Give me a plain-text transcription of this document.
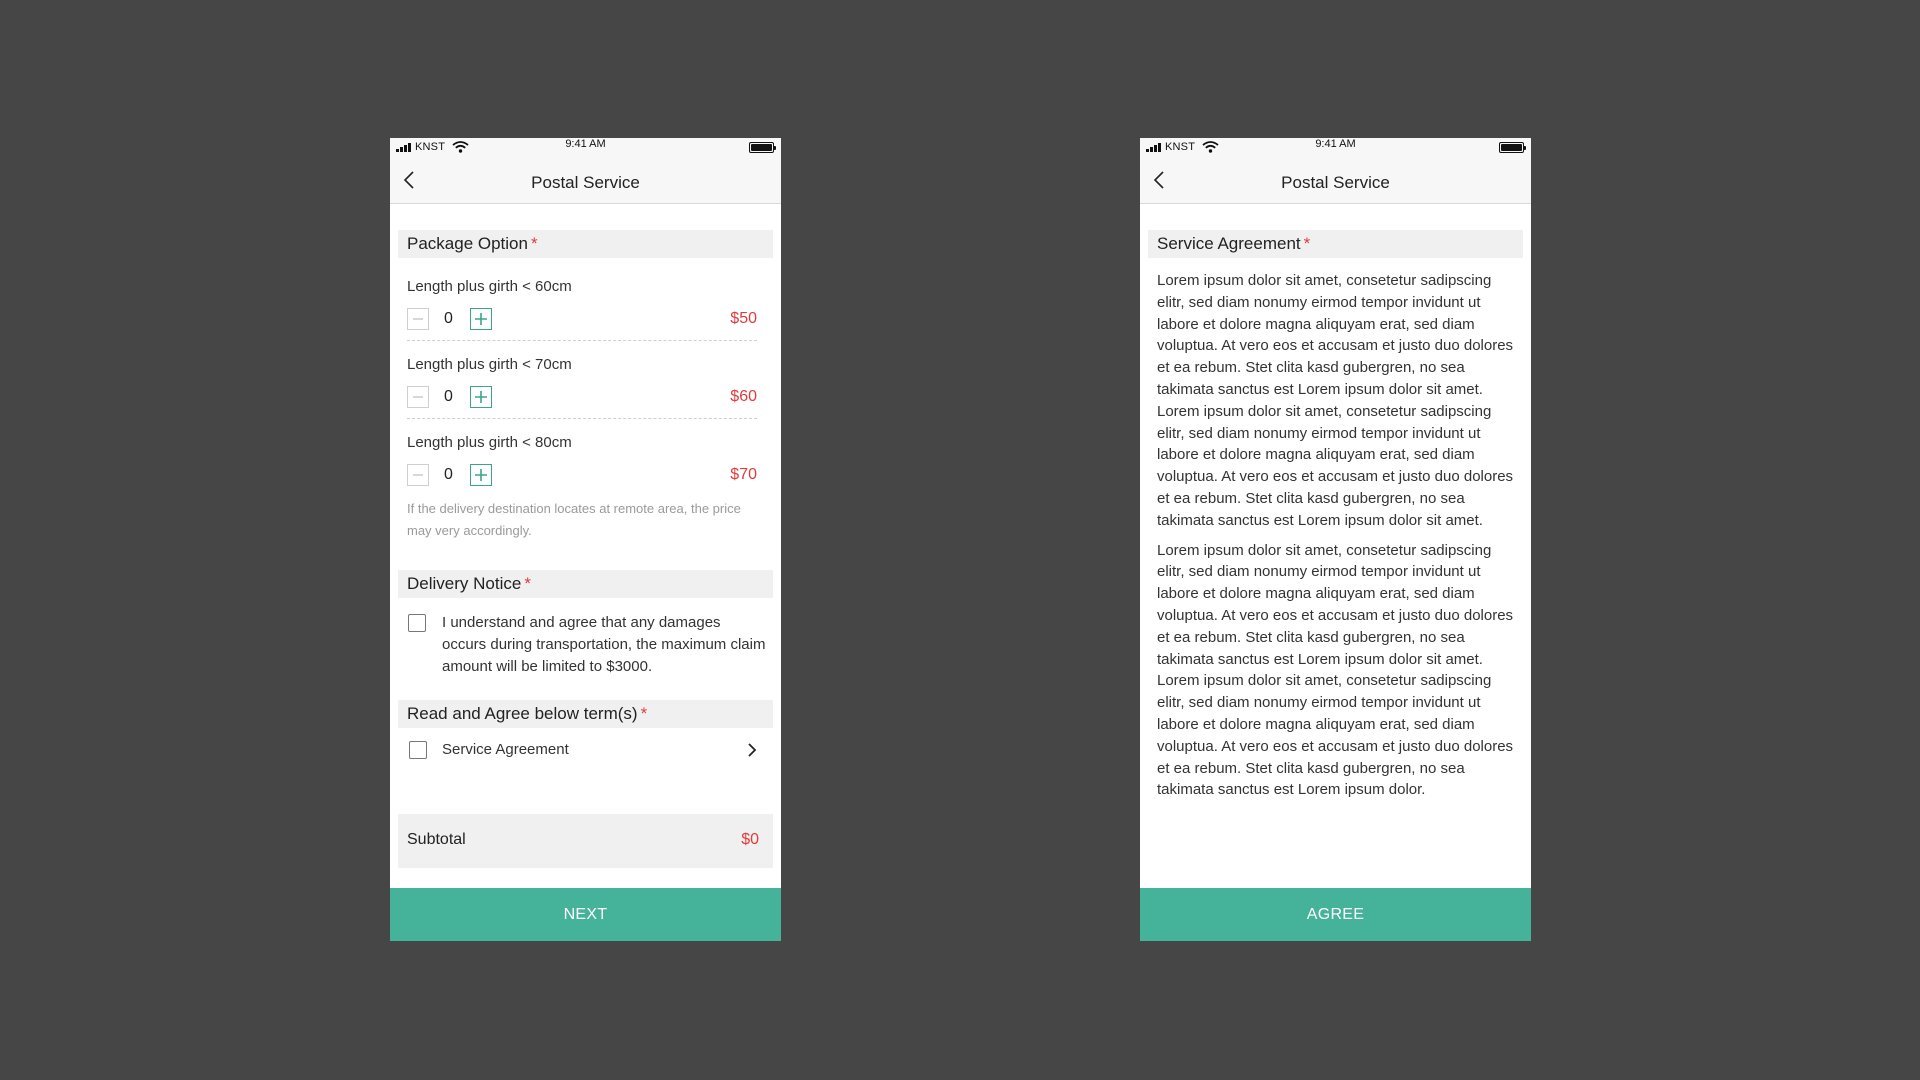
KNST	9:41 AM
Postal Service
Package Option *
Length plus girth < 60cm
0	$50
Length plus girth < 70cm
0	$60
Length plus girth < 80cm
0	$70
If the delivery destination locates at remote area, the price may very accordingly.
Delivery Notice *
I understand and agree that any damages occurs during transportation, the maximum claim amount will be limited to $3000.
Read and Agree below term(s) *
Service Agreement
Subtotal	$0
NEXT
KNST	9:41 AM
Postal Service
Service Agreement *

Lorem ipsum dolor sit amet, consetetur sadipscing elitr, sed diam nonumy eirmod tempor invidunt ut labore et dolore magna aliquyam erat, sed diam voluptua. At vero eos et accusam et justo duo dolores et ea rebum. Stet clita kasd gubergren, no sea takimata sanctus est Lorem ipsum dolor sit amet. Lorem ipsum dolor sit amet, consetetur sadipscing elitr, sed diam nonumy eirmod tempor invidunt ut labore et dolore magna aliquyam erat, sed diam voluptua. At vero eos et accusam et justo duo dolores et ea rebum. Stet clita kasd gubergren, no sea takimata sanctus est Lorem ipsum dolor sit amet.

Lorem ipsum dolor sit amet, consetetur sadipscing elitr, sed diam nonumy eirmod tempor invidunt ut labore et dolore magna aliquyam erat, sed diam voluptua. At vero eos et accusam et justo duo dolores et ea rebum. Stet clita kasd gubergren, no sea takimata sanctus est Lorem ipsum dolor sit amet. Lorem ipsum dolor sit amet, consetetur sadipscing elitr, sed diam nonumy eirmod tempor invidunt ut labore et dolore magna aliquyam erat, sed diam voluptua. At vero eos et accusam et justo duo dolores et ea rebum. Stet clita kasd gubergren, no sea takimata sanctus est Lorem ipsum dolor.

AGREE
